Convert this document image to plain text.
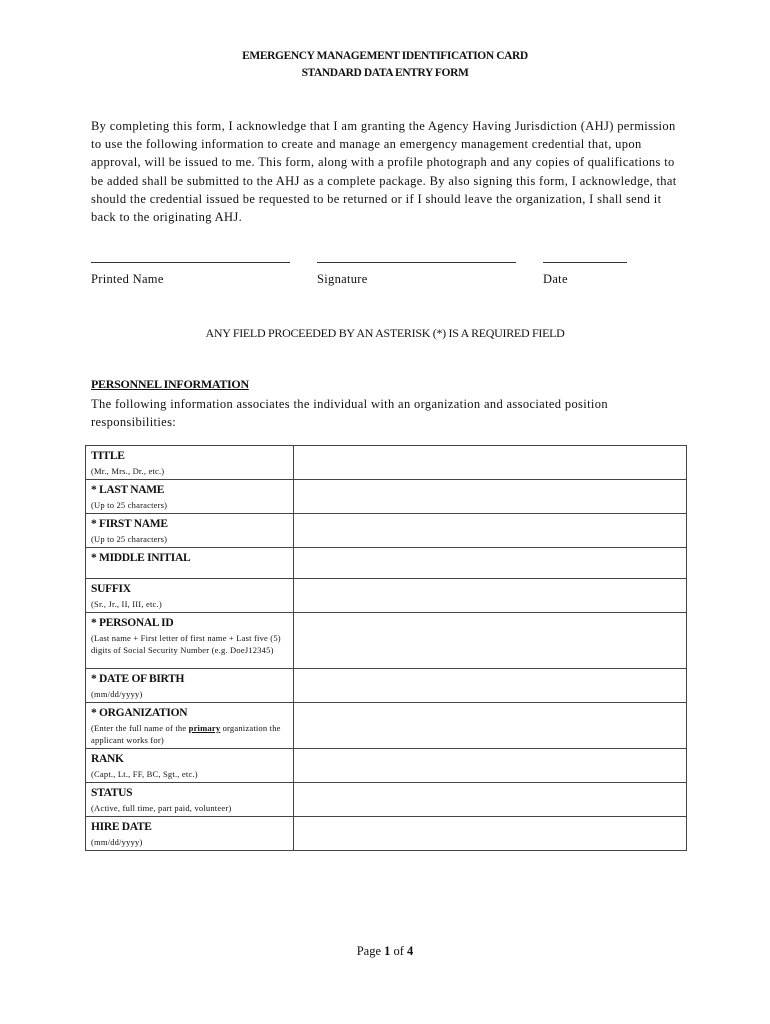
EMERGENCY MANAGEMENT IDENTIFICATION CARD
STANDARD DATA ENTRY FORM

By completing this form, I acknowledge that I am granting the Agency Having Jurisdiction (AHJ) permission to use the following information to create and manage an emergency management credential that, upon approval, will be issued to me. This form, along with a profile photograph and any copies of qualifications to be added shall be submitted to the AHJ as a complete package. By also signing this form, I acknowledge, that should the credential issued be requested to be returned or if I should leave the organization, I shall send it back to the originating AHJ.

Printed Name	Signature	Date
ANY FIELD PROCEEDED BY AN ASTERISK (*) IS A REQUIRED FIELD
PERSONNEL INFORMATION

The following information associates the individual with an organization and associated position responsibilities:

TITLE
(Mr., Mrs., Dr., etc.)	

* LAST NAME
(Up to 25 characters)	

* FIRST NAME
(Up to 25 characters)	

* MIDDLE INITIAL	

SUFFIX
(Sr., Jr., II, III, etc.)	

* PERSONAL ID
(Last name + First letter of first name + Last five (5) digits of Social Security Number (e.g. DoeJ12345)	

* DATE OF BIRTH
(mm/dd/yyyy)	

* ORGANIZATION
(Enter the full name of the primary organization the applicant works for)	

RANK
(Capt., Lt., FF, BC, Sgt., etc.)	

STATUS
(Active, full time, part paid, volunteer)	

HIRE DATE
(mm/dd/yyyy)	

Page 1 of 4
